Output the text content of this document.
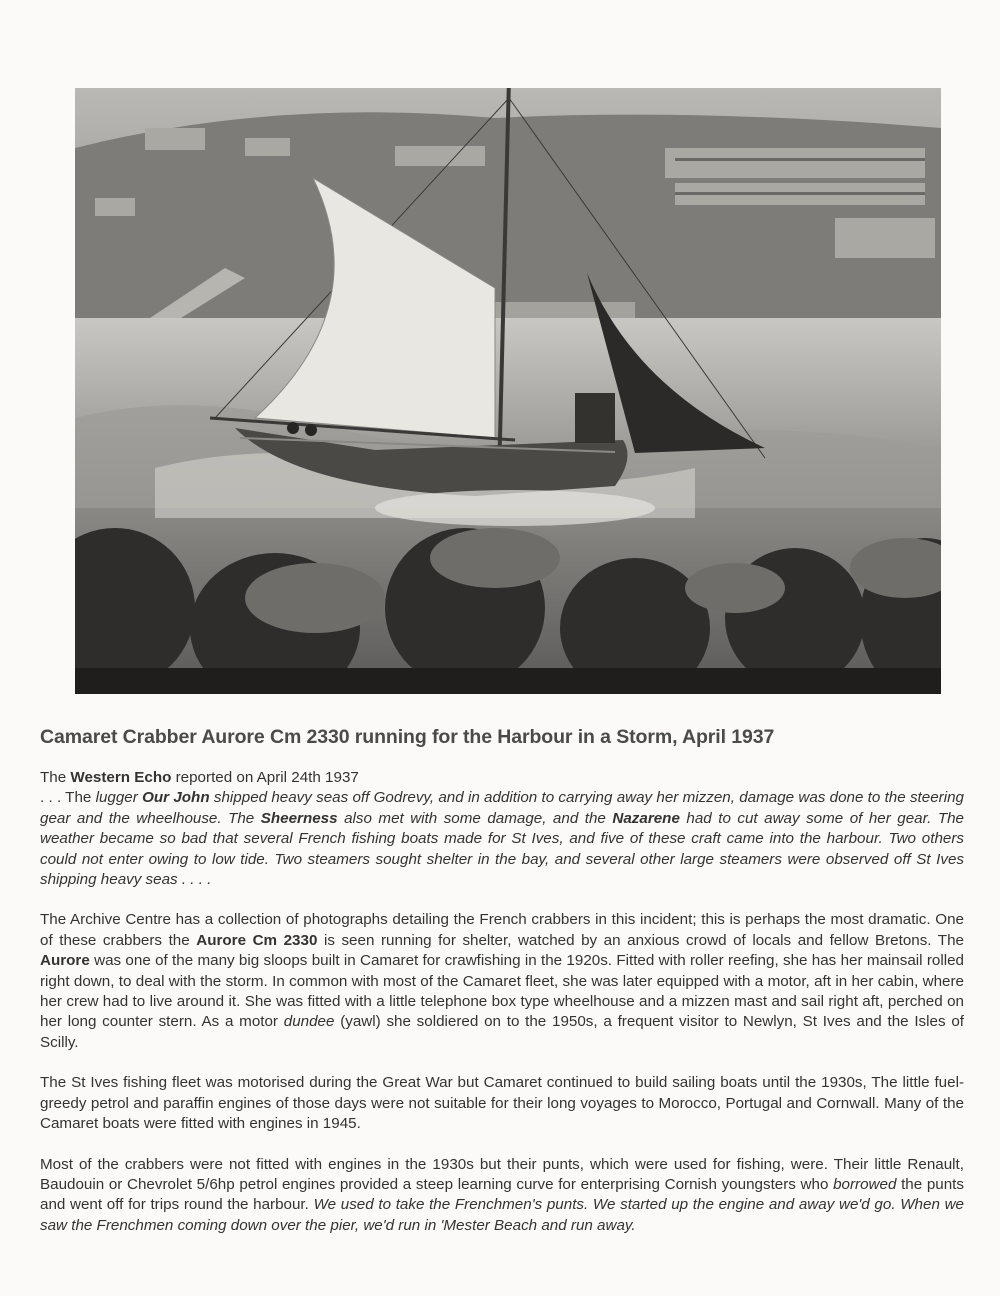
Camaret Crabber Aurore Cm 2330 running for the Harbour in a Storm, April 1937

The Western Echo reported on April 24th 1937

. . . The lugger Our John shipped heavy seas off Godrevy, and in addition to carrying away her mizzen, damage was done to the steering gear and the wheelhouse. The Sheerness also met with some damage, and the Nazarene had to cut away some of her gear. The weather became so bad that several French fishing boats made for St Ives, and five of these craft came into the harbour. Two others could not enter owing to low tide. Two steamers sought shelter in the bay, and several other large steamers were observed off St Ives shipping heavy seas . . . .

The Archive Centre has a collection of photographs detailing the French crabbers in this incident; this is perhaps the most dramatic. One of these crabbers the Aurore Cm 2330 is seen running for shelter, watched by an anxious crowd of locals and fellow Bretons. The Aurore was one of the many big sloops built in Camaret for crawfishing in the 1920s. Fitted with roller reefing, she has her mainsail rolled right down, to deal with the storm. In common with most of the Camaret fleet, she was later equipped with a motor, aft in her cabin, where her crew had to live around it. She was fitted with a little telephone box type wheelhouse and a mizzen mast and sail right aft, perched on her long counter stern. As a motor dundee (yawl) she soldiered on to the 1950s, a frequent visitor to Newlyn, St Ives and the Isles of Scilly.

The St Ives fishing fleet was motorised during the Great War but Camaret continued to build sailing boats until the 1930s, The little fuel-greedy petrol and paraffin engines of those days were not suitable for their long voyages to Morocco, Portugal and Cornwall. Many of the Camaret boats were fitted with engines in 1945.

Most of the crabbers were not fitted with engines in the 1930s but their punts, which were used for fishing, were. Their little Renault, Baudouin or Chevrolet 5/6hp petrol engines provided a steep learning curve for enterprising Cornish youngsters who borrowed the punts and went off for trips round the harbour. We used to take the Frenchmen's punts. We started up the engine and away we'd go. When we saw the Frenchmen coming down over the pier, we'd run in 'Mester Beach and run away.
